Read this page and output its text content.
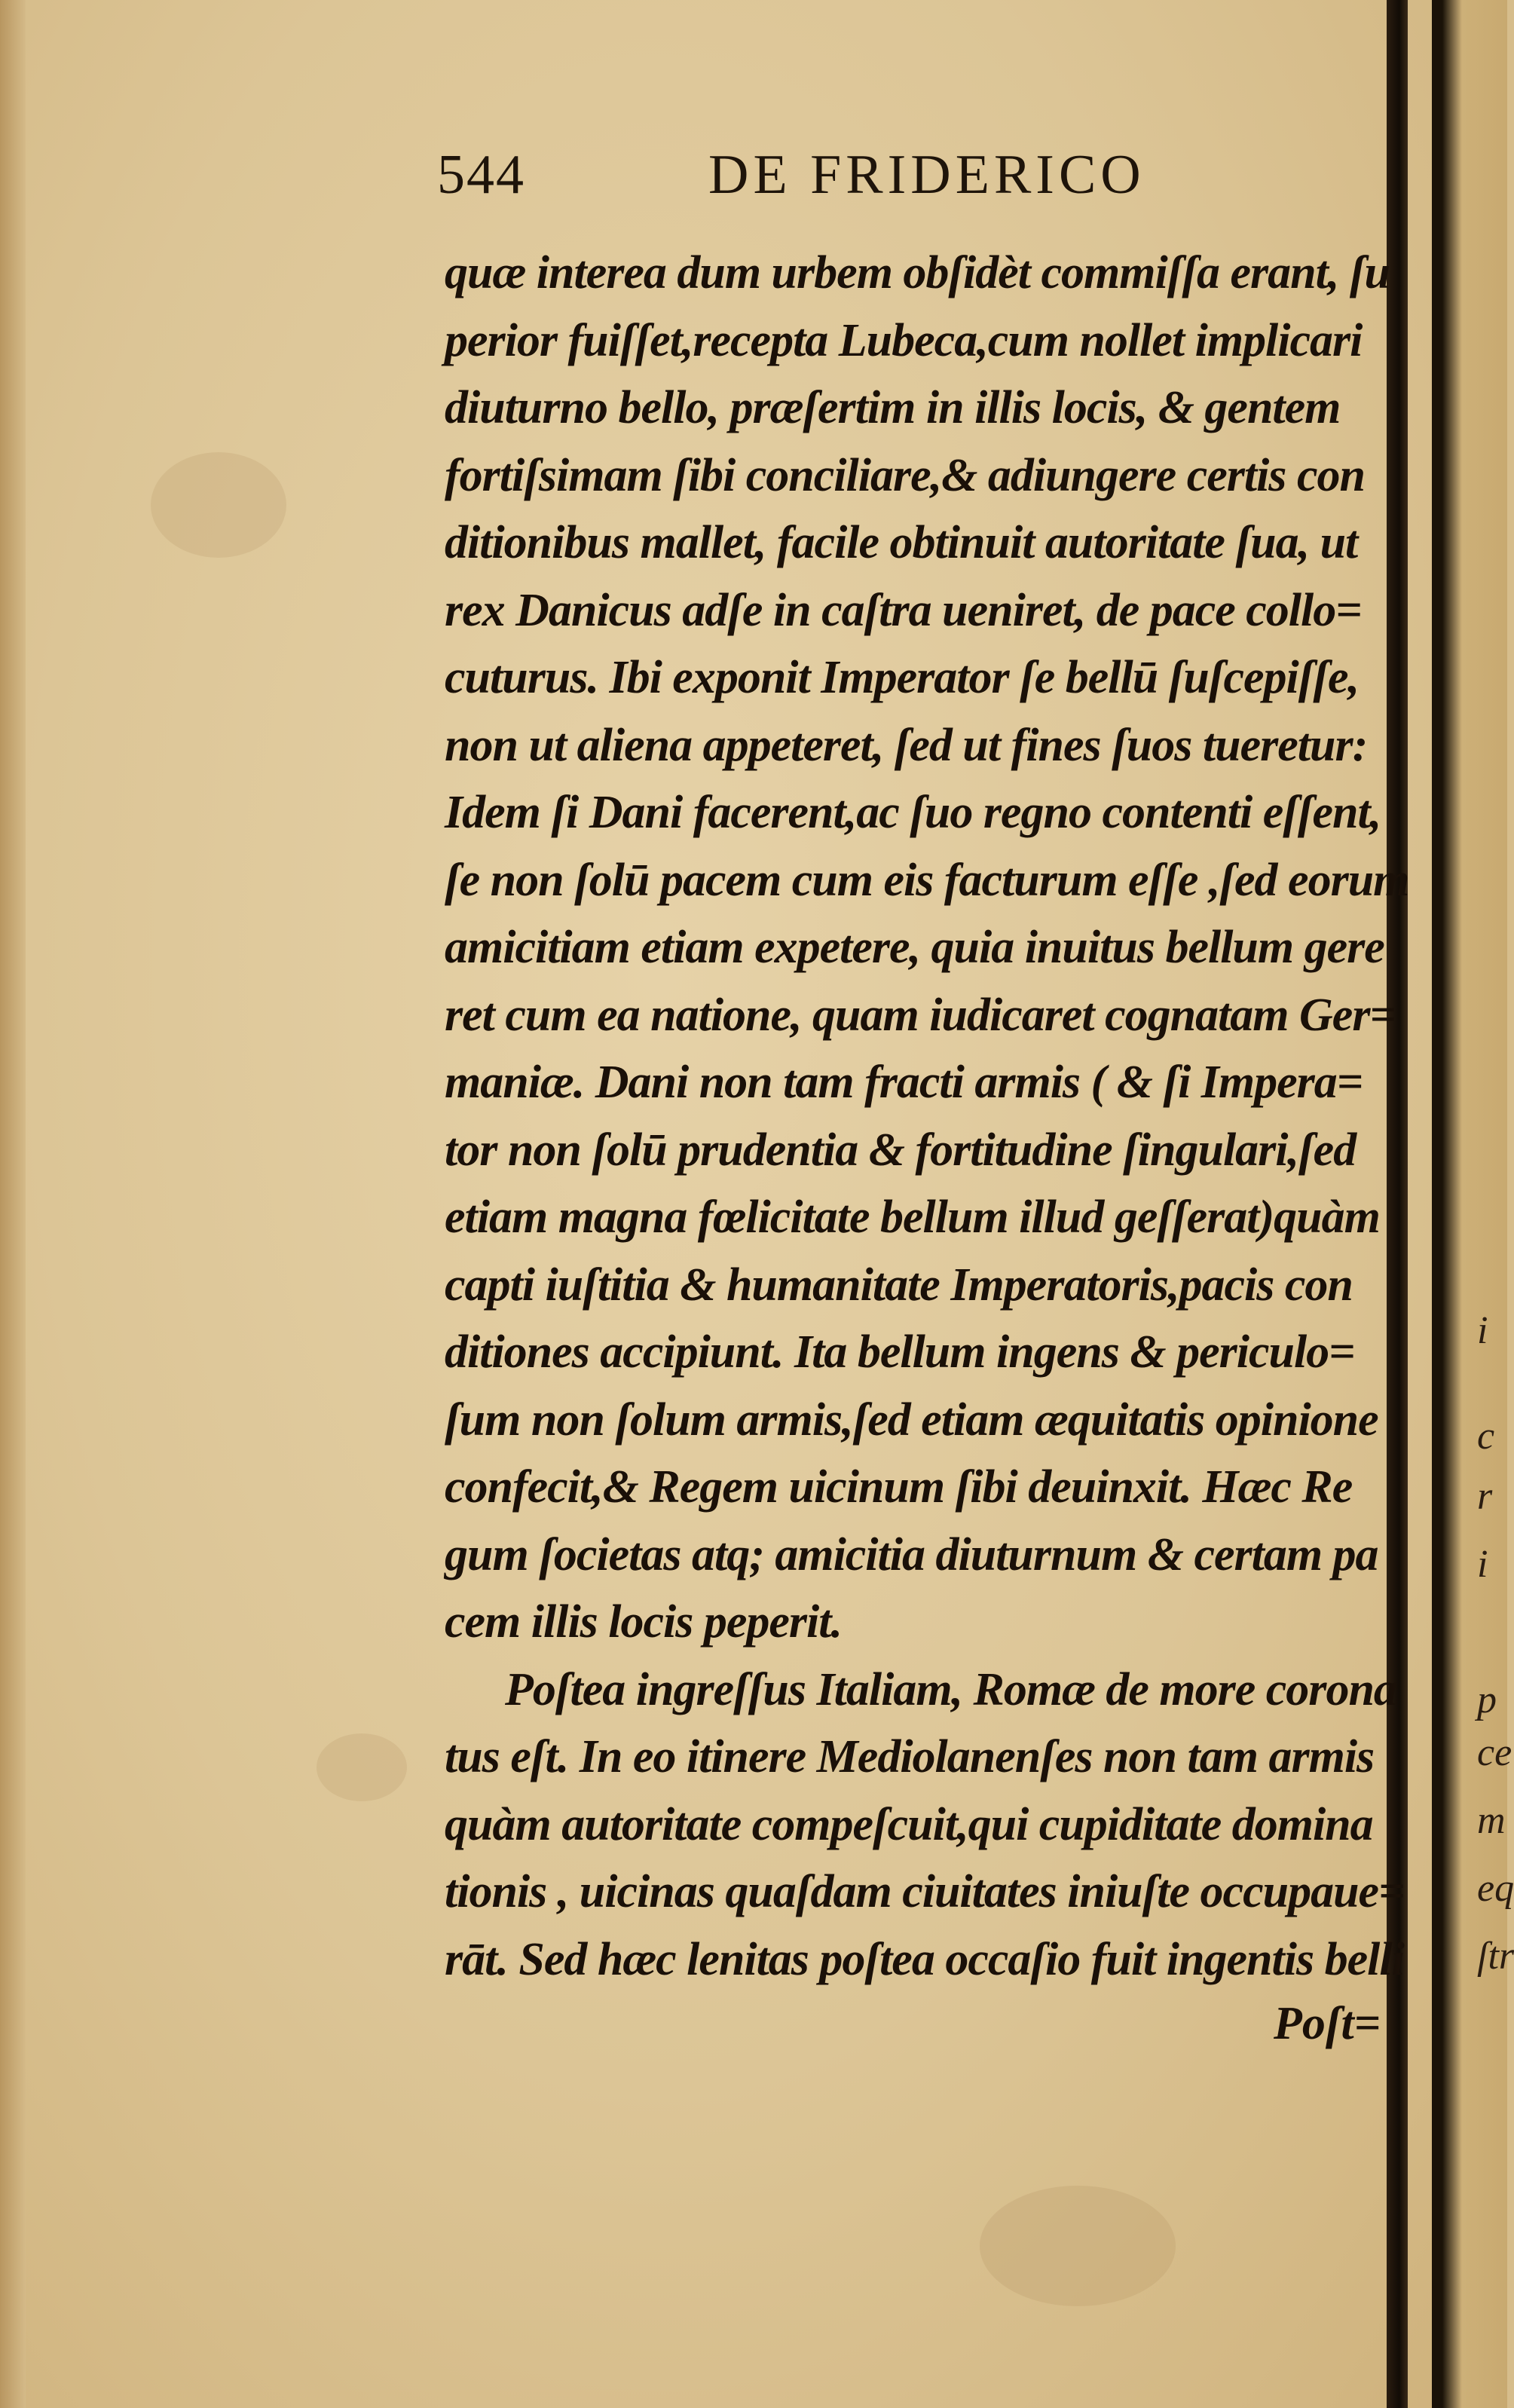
i
c
r
i
p
ce
m
eq
ſtr
544	DE FRIDERICO
quæ interea dum urbem obſidèt commiſſa erant, ſu
perior fuiſſet,recepta Lubeca,cum nollet implicari
diuturno bello, præſertim in illis locis, & gentem
fortiſsimam ſibi conciliare,& adiungere certis con
ditionibus mallet, facile obtinuit autoritate ſua, ut
rex Danicus adſe in caſtra ueniret, de pace collo=
cuturus. Ibi exponit Imperator ſe bellū ſuſcepiſſe,
non ut aliena appeteret, ſed ut fines ſuos tueretur:
Idem ſi Dani facerent,ac ſuo regno contenti eſſent,
ſe non ſolū pacem cum eis facturum eſſe ,ſed eorum
amicitiam etiam expetere, quia inuitus bellum gere
ret cum ea natione, quam iudicaret cognatam Ger=
maniæ. Dani non tam fracti armis ( & ſi Impera=
tor non ſolū prudentia & fortitudine ſingulari,ſed
etiam magna fœlicitate bellum illud geſſerat)quàm
capti iuſtitia & humanitate Imperatoris,pacis con
ditiones accipiunt. Ita bellum ingens & periculo=
ſum non ſolum armis,ſed etiam æquitatis opinione
confecit,& Regem uicinum ſibi deuinxit. Hæc Re
gum ſocietas atq; amicitia diuturnum & certam pa
cem illis locis peperit.
Poſtea ingreſſus Italiam, Romæ de more corona
tus eſt. In eo itinere Mediolanenſes non tam armis
quàm autoritate compeſcuit,qui cupiditate domina
tionis , uicinas quaſdam ciuitates iniuſte occupaue=
rāt. Sed hæc lenitas poſtea occaſio fuit ingentis belli
Poſt=
